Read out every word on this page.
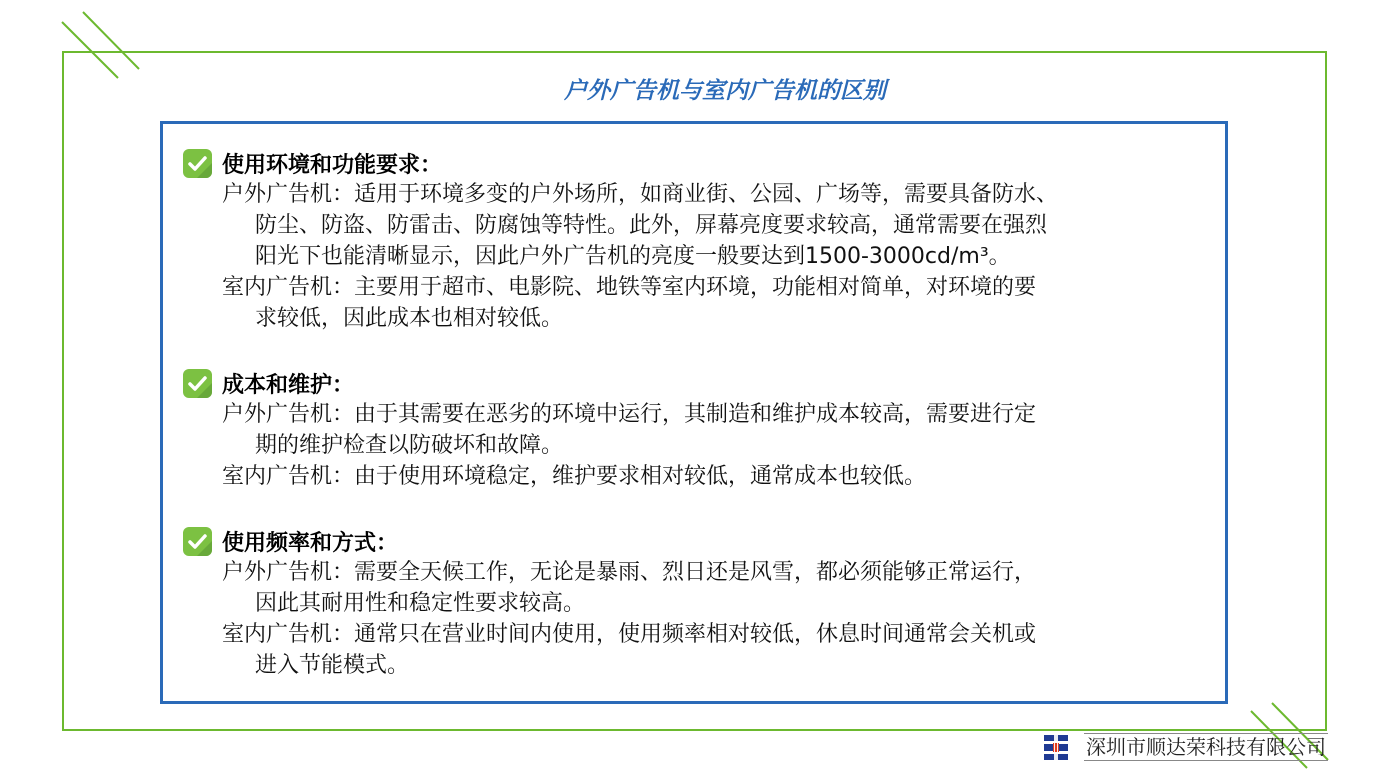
户外广告机与室内广告机的区别
使用环境和功能要求：
户外广告机：适用于环境多变的户外场所，如商业街、公园、广场等，需要具备防水、
防尘、防盗、防雷击、防腐蚀等特性。此外，屏幕亮度要求较高，通常需要在强烈
阳光下也能清晰显示，因此户外广告机的亮度一般要达到1500-3000cd/m³。
室内广告机：主要用于超市、电影院、地铁等室内环境，功能相对简单，对环境的要
求较低，因此成本也相对较低。
成本和维护：
户外广告机：由于其需要在恶劣的环境中运行，其制造和维护成本较高，需要进行定
期的维护检查以防破坏和故障。
室内广告机：由于使用环境稳定，维护要求相对较低，通常成本也较低。
使用频率和方式：
户外广告机：需要全天候工作，无论是暴雨、烈日还是风雪，都必须能够正常运行，
因此其耐用性和稳定性要求较高。
室内广告机：通常只在营业时间内使用，使用频率相对较低，休息时间通常会关机或
进入节能模式。
深圳市顺达荣科技有限公司
